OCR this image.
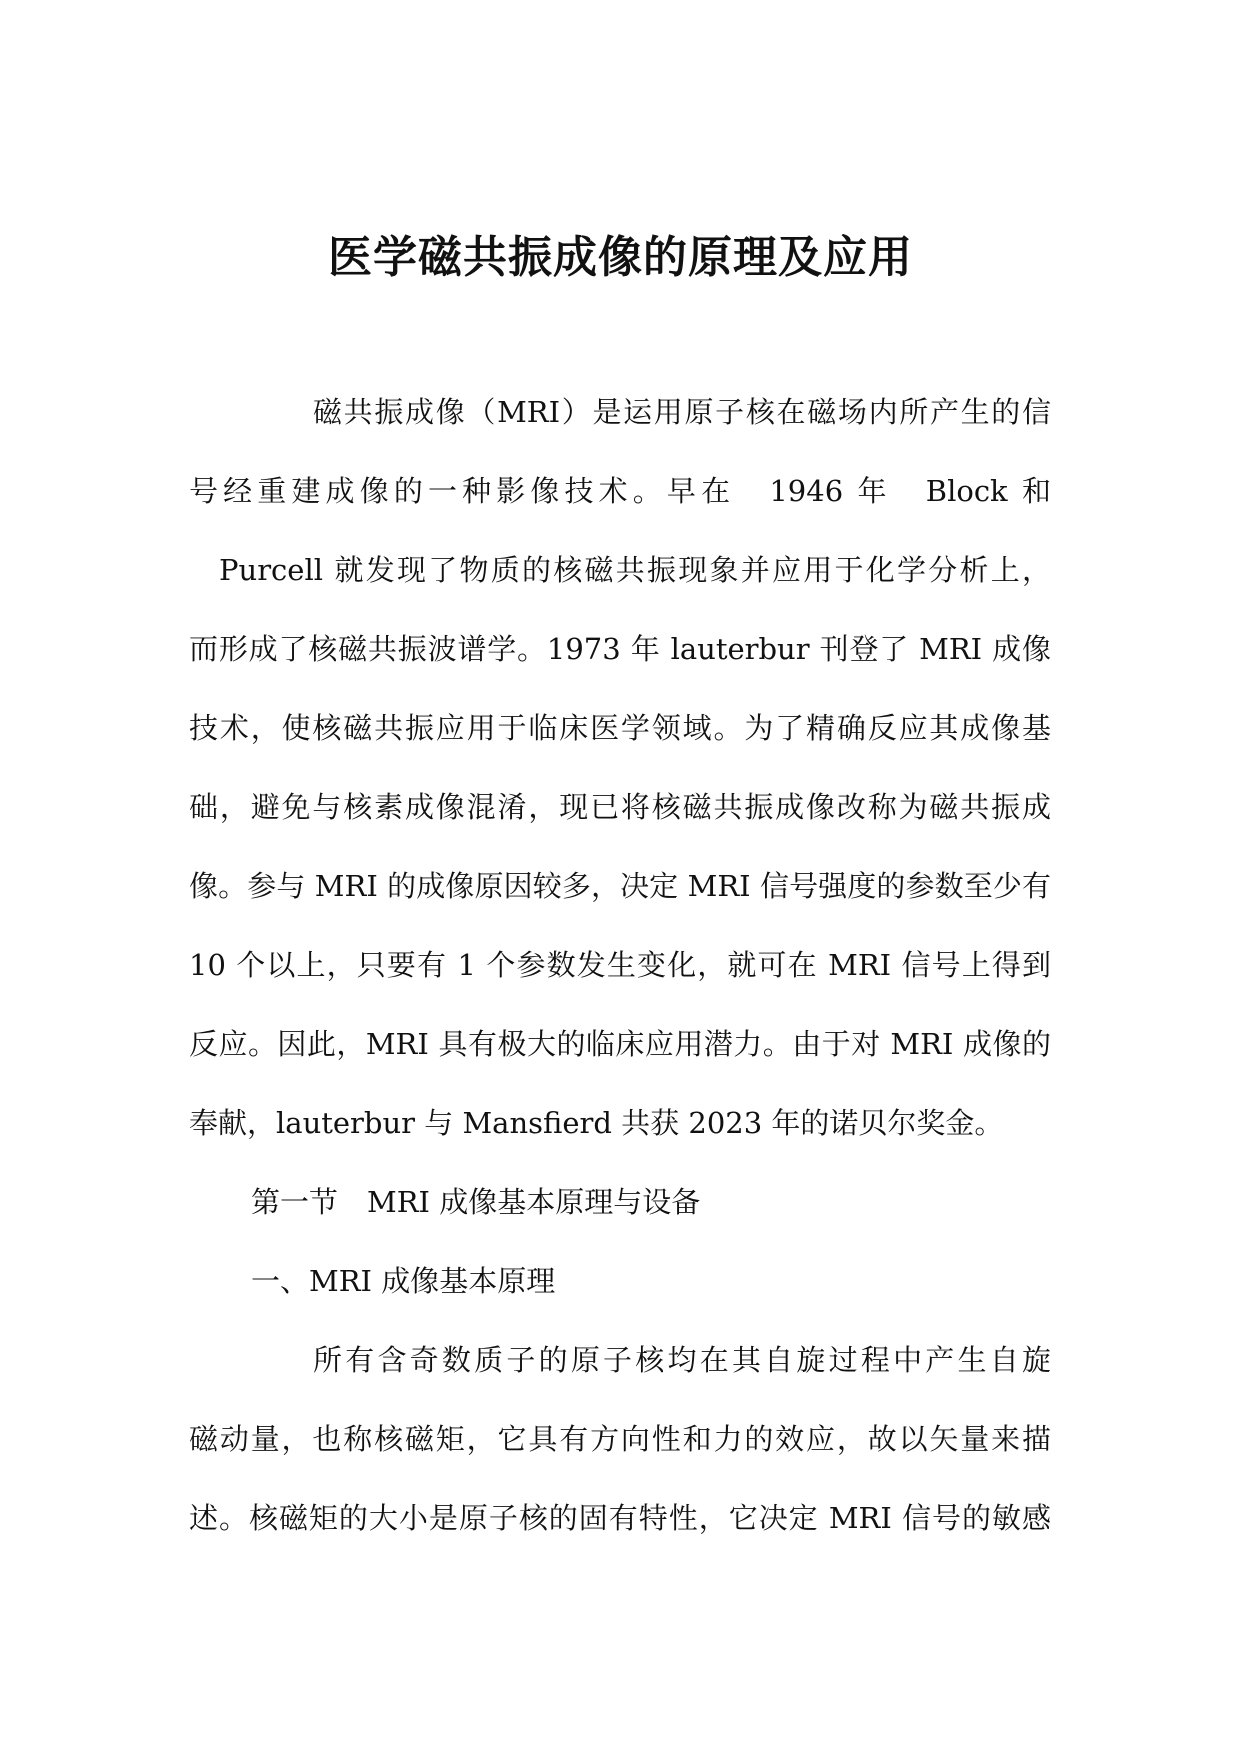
医学磁共振成像的原理及应用
磁共振成像（MRI）是运用原子核在磁场内所产生的信
号经重建成像的一种影像技术。早在　1946 年　Block 和
Purcell 就发现了物质的核磁共振现象并应用于化学分析上，
而形成了核磁共振波谱学。1973 年 lauterbur 刊登了 MRI 成像
技术，使核磁共振应用于临床医学领域。为了精确反应其成像基
础，避免与核素成像混淆，现已将核磁共振成像改称为磁共振成
像。参与 MRI 的成像原因较多，决定 MRI 信号强度的参数至少有
10 个以上，只要有 1 个参数发生变化，就可在 MRI 信号上得到
反应。因此，MRI 具有极大的临床应用潜力。由于对 MRI 成像的
奉献，lauterbur 与 Mansfierd 共获 2023 年的诺贝尔奖金。
第一节　MRI 成像基本原理与设备
一、MRI 成像基本原理
所有含奇数质子的原子核均在其自旋过程中产生自旋
磁动量，也称核磁矩，它具有方向性和力的效应，故以矢量来描
述。核磁矩的大小是原子核的固有特性，它决定 MRI 信号的敏感
